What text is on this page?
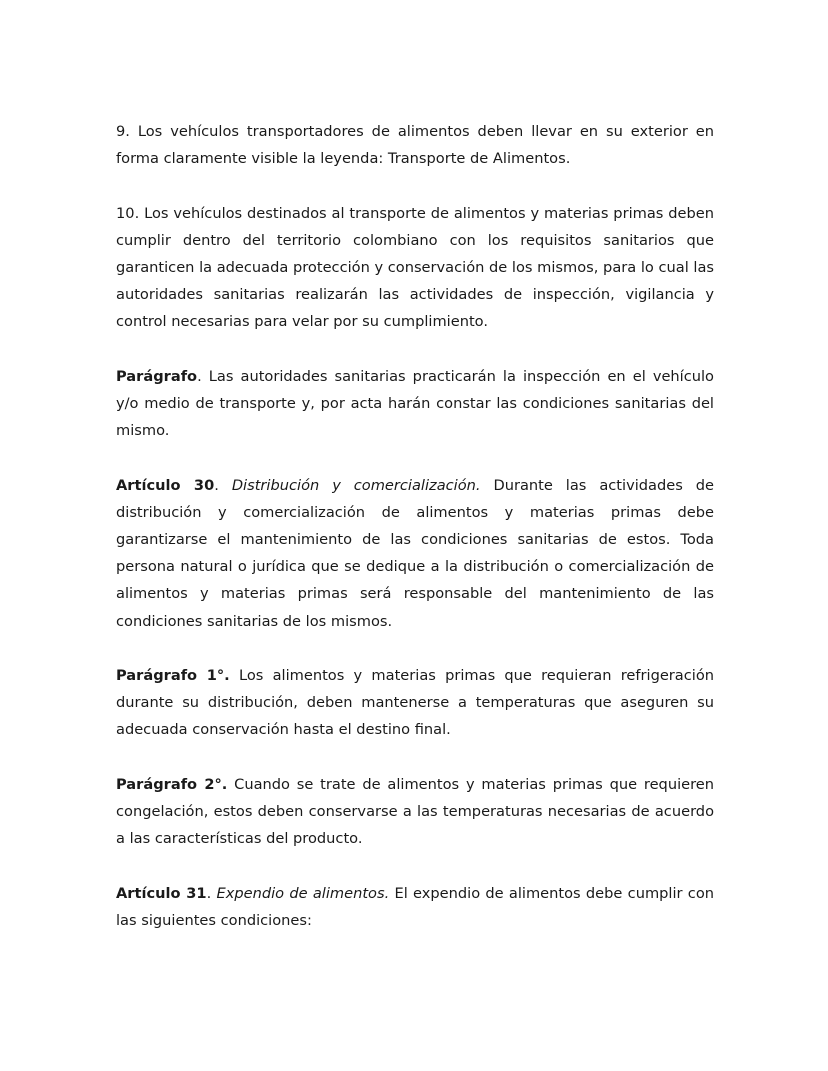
9. Los vehículos transportadores de alimentos deben llevar en su exterior en forma claramente visible la leyenda: Transporte de Alimentos.

10. Los vehículos destinados al transporte de alimentos y materias primas deben cumplir dentro del territorio colombiano con los requisitos sanitarios que garanticen la adecuada protección y conservación de los mismos, para lo cual las autoridades sanitarias realizarán las actividades de inspección, vigilancia y control necesarias para velar por su cumplimiento.

Parágrafo. Las autoridades sanitarias practicarán la inspección en el vehículo y/o medio de transporte y, por acta harán constar las condiciones sanitarias del mismo.

Artículo 30. Distribución y comercialización. Durante las actividades de distribución y comercialización de alimentos y materias primas debe garantizarse el mantenimiento de las condiciones sanitarias de estos. Toda persona natural o jurídica que se dedique a la distribución o comercialización de alimentos y materias primas será responsable del mantenimiento de las condiciones sanitarias de los mismos.

Parágrafo 1°. Los alimentos y materias primas que requieran refrigeración durante su distribución, deben mantenerse a temperaturas que aseguren su adecuada conservación hasta el destino final.

Parágrafo 2°. Cuando se trate de alimentos y materias primas que requieren congelación, estos deben conservarse a las temperaturas necesarias de acuerdo a las características del producto.

Artículo 31. Expendio de alimentos. El expendio de alimentos debe cumplir con las siguientes condiciones:
